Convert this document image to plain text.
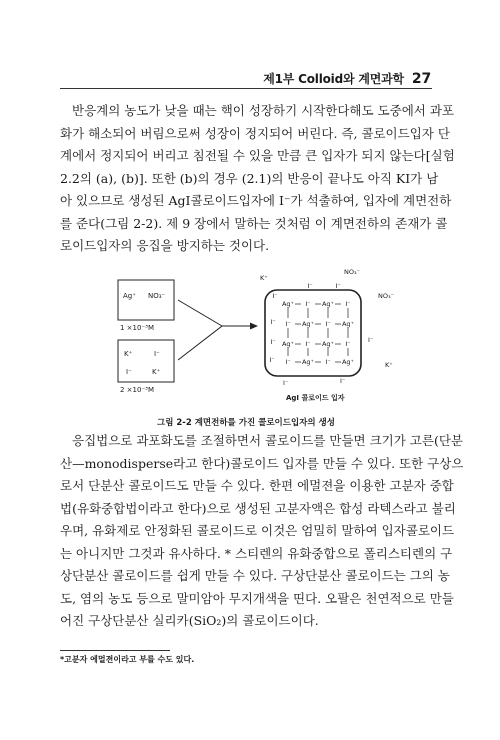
제1부 Colloid와 계면과학 27
반응계의 농도가 낮을 때는 핵이 성장하기 시작한다해도 도중에서 과포
화가 해소되어 버림으로써 성장이 정지되어 버린다. 즉, 콜로이드입자 단
계에서 정지되어 버리고 침전될 수 있을 만큼 큰 입자가 되지 않는다[실험
2.2의 (a), (b)]. 또한 (b)의 경우 (2.1)의 반응이 끝나도 아직 KI가 남
아 있으므로 생성된 AgI콜로이드입자에 I⁻가 석출하여, 입자에 계면전하
를 준다(그림 2-2). 제 9 장에서 말하는 것처럼 이 계면전하의 존재가 콜
로이드입자의 응집을 방지하는 것이다.
Ag⁺ NO₃⁻
1 ×10⁻³M
K⁺	I⁻
I⁻	K⁺
2 ×10⁻³M
Ag⁺ I⁻ Ag⁺ I⁻
I⁻ Ag⁺ I⁻ Ag⁺
Ag⁺ I⁻ Ag⁺ I⁻
I⁻ Ag⁺ I⁻ Ag⁺
I⁻
I⁻
I⁻
I⁻
I⁻	I⁻
K⁺
NO₃⁻
NO₃⁻
I⁻
K⁺
I⁻	I⁻
AgI 콜로이드 입자
그림 2-2 계면전하를 가진 콜로이드입자의 생성
응집법으로 과포화도를 조절하면서 콜로이드를 만들면 크기가 고른(단분
산—monodisperse라고 한다)콜로이드 입자를 만들 수 있다. 또한 구상으
로서 단분산 콜로이드도 만들 수 있다. 한편 에멀젼을 이용한 고분자 중합
법(유화중합법이라고 한다)으로 생성된 고분자액은 합성 라텍스라고 불리
우며, 유화제로 안정화된 콜로이드로 이것은 엄밀히 말하여 입자콜로이드
는 아니지만 그것과 유사하다. * 스티렌의 유화중합으로 폴리스티렌의 구
상단분산 콜로이드를 쉽게 만들 수 있다. 구상단분산 콜로이드는 그의 농
도, 염의 농도 등으로 말미암아 무지개색을 띤다. 오팔은 천연적으로 만들
어진 구상단분산 실리카(SiO₂)의 콜로이드이다.
*고분자 에멀젼이라고 부를 수도 있다.
